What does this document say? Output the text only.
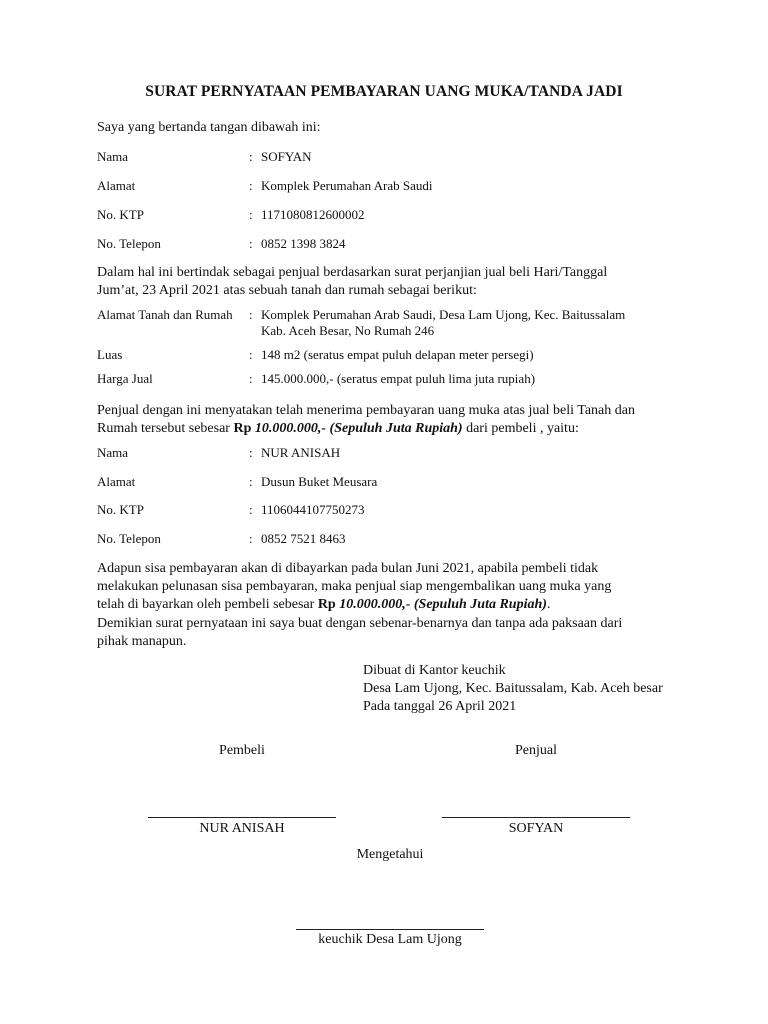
SURAT PERNYATAAN PEMBAYARAN UANG MUKA/TANDA JADI
Saya yang bertanda tangan dibawah ini:
Nama	: SOFYAN
Alamat	: Komplek Perumahan Arab Saudi
No. KTP	: 1171080812600002
No. Telepon	: 0852 1398 3824
Dalam hal ini bertindak sebagai penjual berdasarkan surat perjanjian jual beli Hari/Tanggal
Jum’at, 23 April 2021 atas sebuah tanah dan rumah sebagai berikut:
Alamat Tanah dan Rumah	: Komplek Perumahan Arab Saudi, Desa Lam Ujong, Kec. Baitussalam
Kab. Aceh Besar, No Rumah 246
Luas	: 148 m2 (seratus empat puluh delapan meter persegi)
Harga Jual	: 145.000.000,- (seratus empat puluh lima juta rupiah)
Penjual dengan ini menyatakan telah menerima pembayaran uang muka atas jual beli Tanah dan
Rumah tersebut sebesar Rp 10.000.000,- (Sepuluh Juta Rupiah) dari pembeli , yaitu:
Nama	: NUR ANISAH
Alamat	: Dusun Buket Meusara
No. KTP	: 1106044107750273
No. Telepon	: 0852 7521 8463
Adapun sisa pembayaran akan di dibayarkan pada bulan Juni 2021, apabila pembeli tidak
melakukan pelunasan sisa pembayaran, maka penjual siap mengembalikan uang muka yang
telah di bayarkan oleh pembeli sebesar Rp 10.000.000,- (Sepuluh Juta Rupiah).
Demikian surat pernyataan ini saya buat dengan sebenar-benarnya dan tanpa ada paksaan dari
pihak manapun.
Dibuat di Kantor keuchik
Desa Lam Ujong, Kec. Baitussalam, Kab. Aceh besar
Pada tanggal 26 April 2021
Pembeli	Penjual
NUR ANISAH	SOFYAN
Mengetahui
keuchik Desa Lam Ujong
